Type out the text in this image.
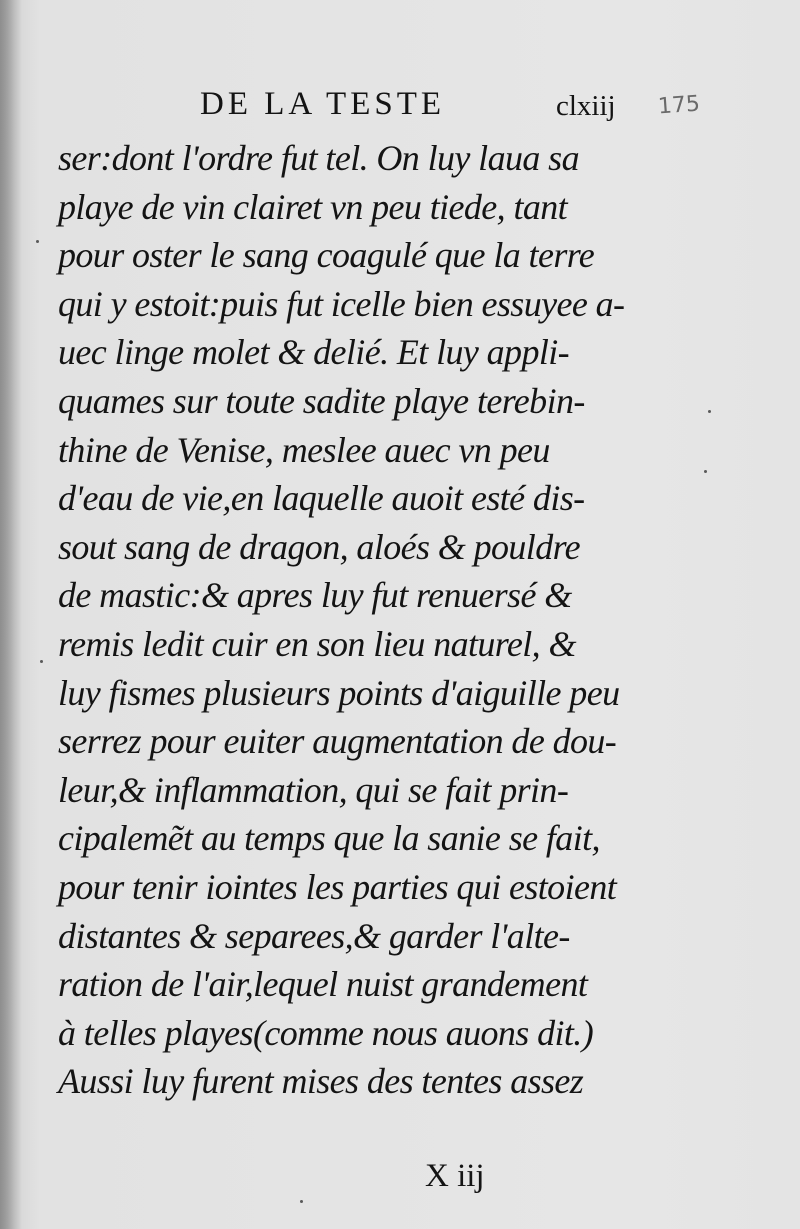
DE LA TESTE	clxiij 175
ser:dont l'ordre fut tel. On luy laua sa
playe de vin clairet vn peu tiede, tant
pour oster le sang coagulé que la terre
qui y estoit:puis fut icelle bien essuyee a-
uec linge molet & delié. Et luy appli-
quames sur toute sadite playe terebin-
thine de Venise, meslee auec vn peu
d'eau de vie,en laquelle auoit esté dis-
sout sang de dragon, aloés & pouldre
de mastic:& apres luy fut renuersé &
remis ledit cuir en son lieu naturel, &
luy fismes plusieurs points d'aiguille peu
serrez pour euiter augmentation de dou-
leur,& inflammation, qui se fait prin-
cipalemẽt au temps que la sanie se fait,
pour tenir iointes les parties qui estoient
distantes & separees,& garder l'alte-
ration de l'air,lequel nuist grandement
à telles playes(comme nous auons dit.)
Aussi luy furent mises des tentes assez
X iij
